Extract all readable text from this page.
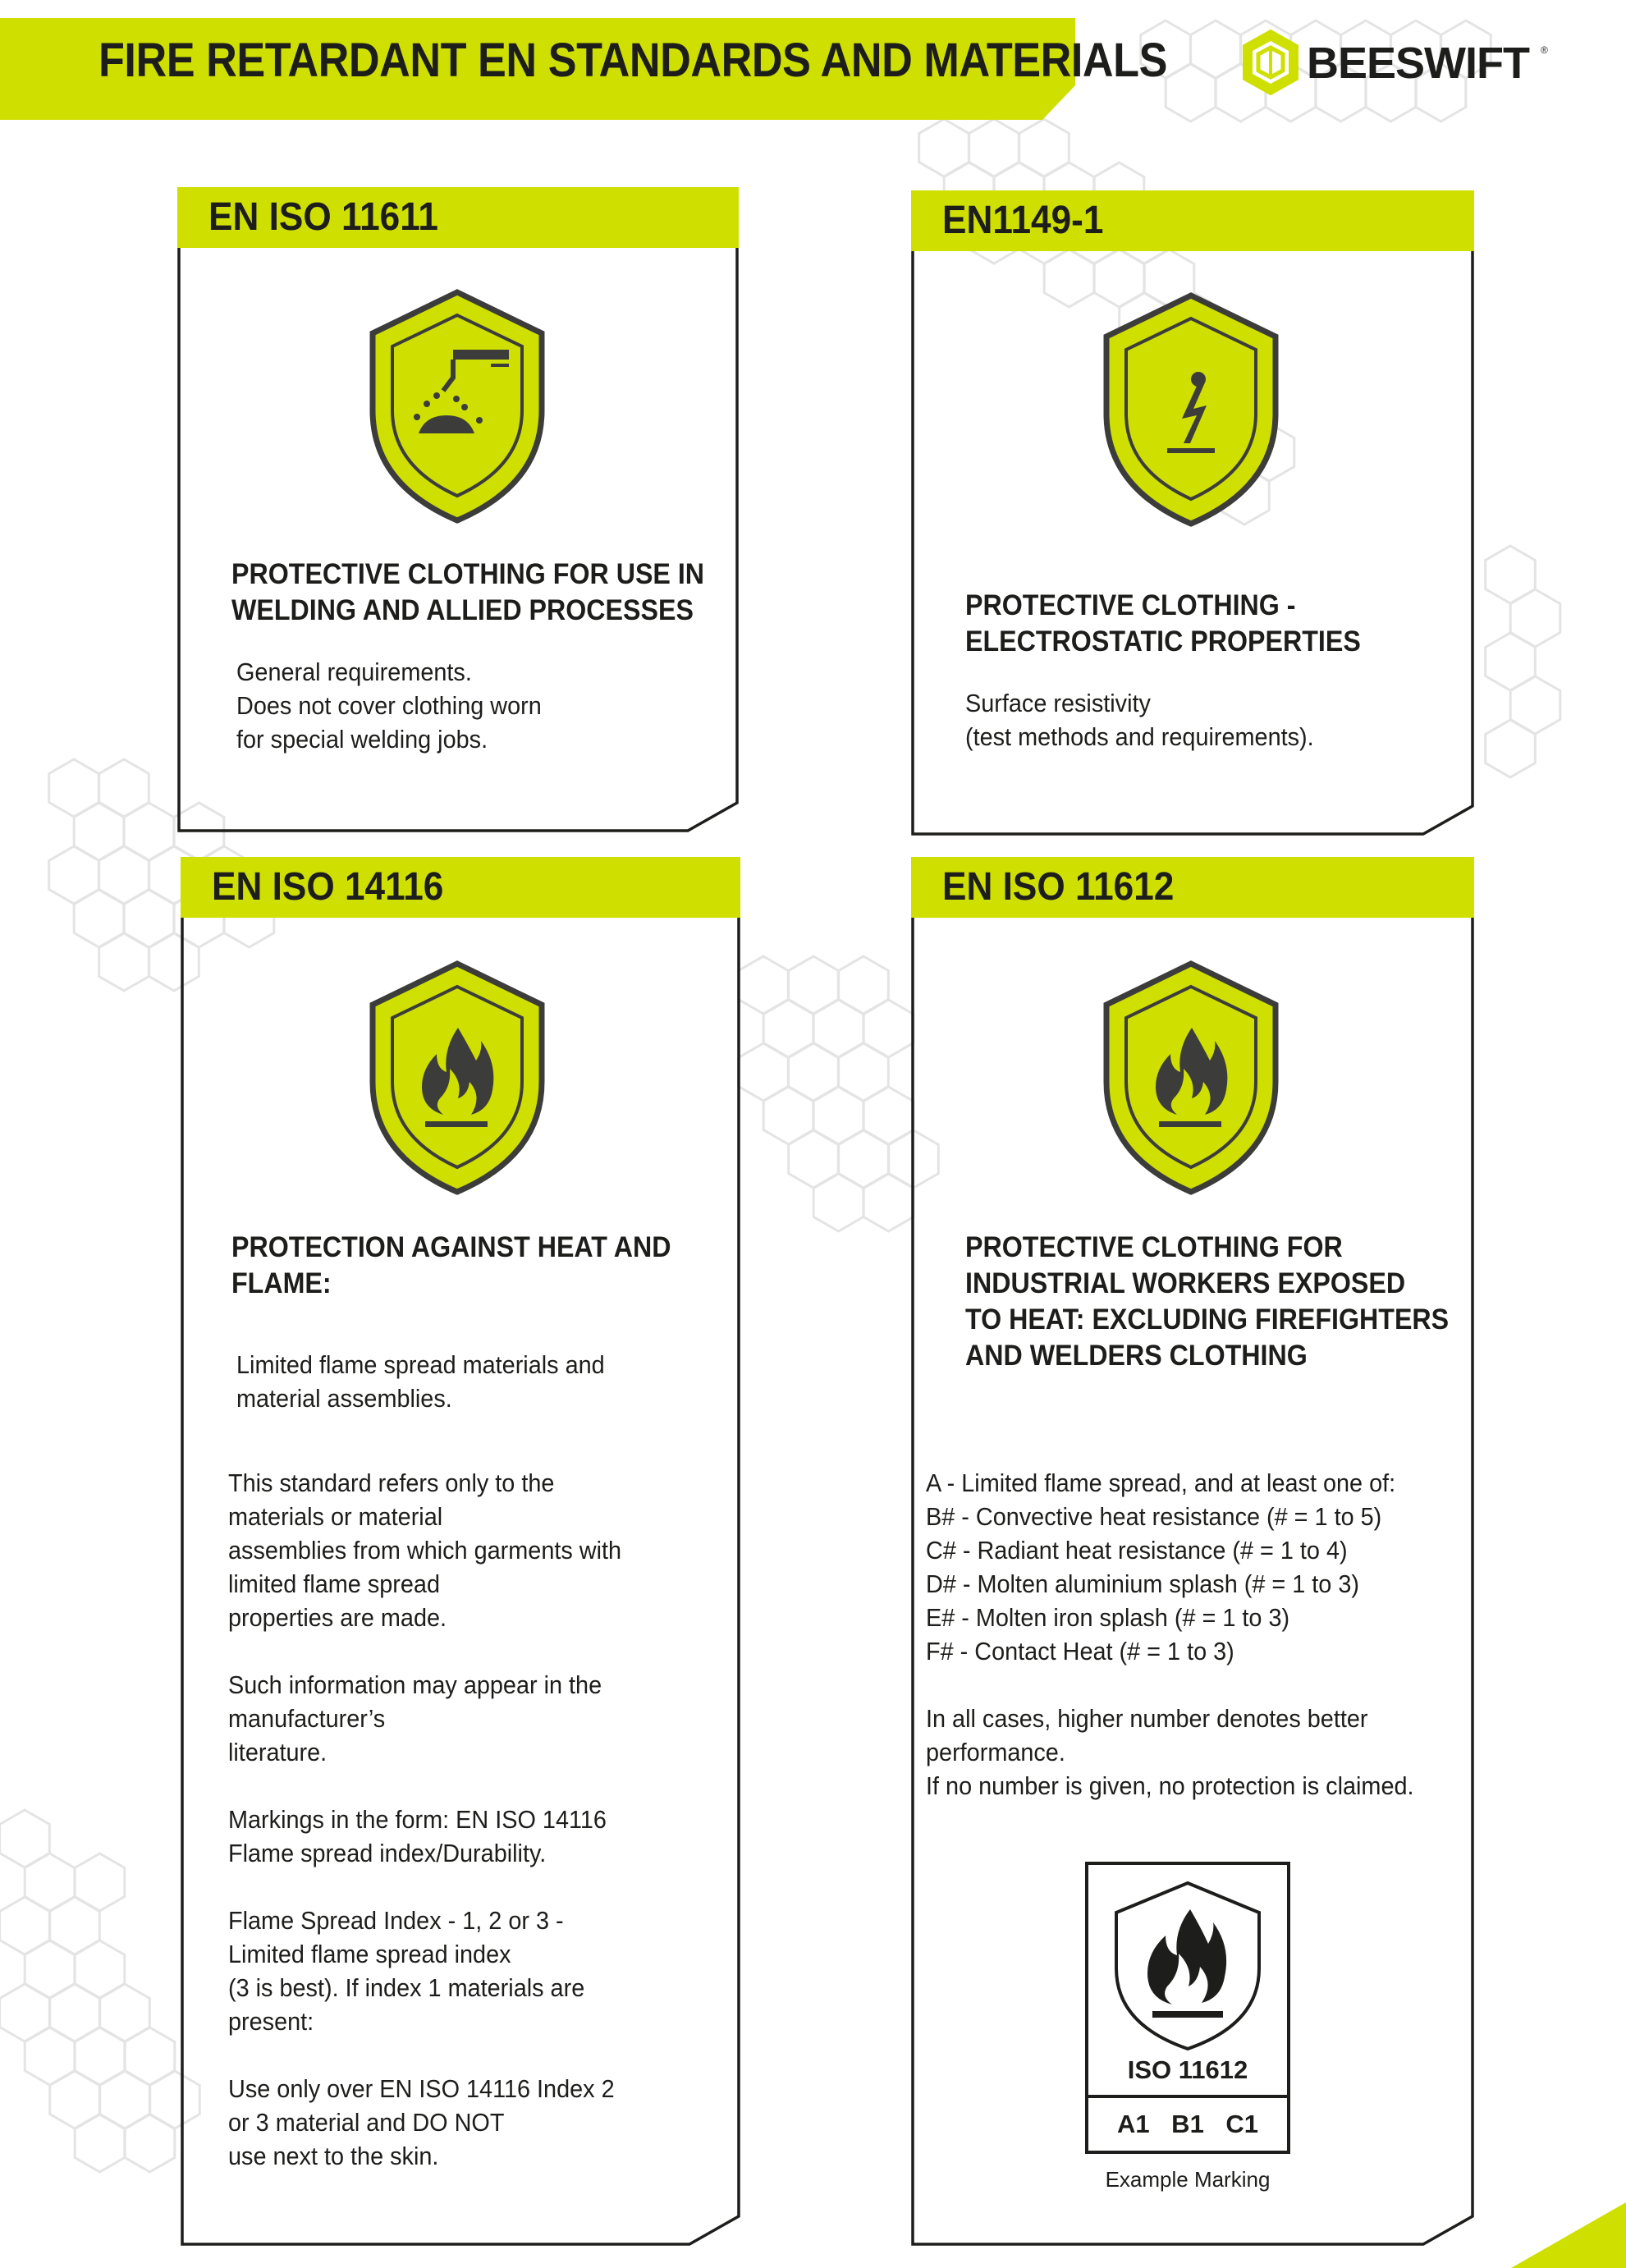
FIRE RETARDANT EN STANDARDS AND MATERIALS	BEESWIFT ®
EN ISO 11611
PROTECTIVE CLOTHING FOR USE IN
WELDING AND ALLIED PROCESSES
General requirements.
Does not cover clothing worn
for special welding jobs.
EN1149-1
PROTECTIVE CLOTHING -
ELECTROSTATIC PROPERTIES
Surface resistivity
(test methods and requirements).
EN ISO 14116
PROTECTION AGAINST HEAT AND
FLAME:
Limited flame spread materials and
material assemblies.
This standard refers only to the
materials or material
assemblies from which garments with
limited flame spread
properties are made.

Such information may appear in the
manufacturer’s
literature.

Markings in the form: EN ISO 14116
Flame spread index/Durability.

Flame Spread Index - 1, 2 or 3 -
Limited flame spread index
(3 is best). If index 1 materials are
present:

Use only over EN ISO 14116 Index 2
or 3 material and DO NOT
use next to the skin.
EN ISO 11612
PROTECTIVE CLOTHING FOR
INDUSTRIAL WORKERS EXPOSED
TO HEAT: EXCLUDING FIREFIGHTERS
AND WELDERS CLOTHING
A - Limited flame spread, and at least one of:
B# - Convective heat resistance (# = 1 to 5)
C# - Radiant heat resistance (# = 1 to 4)
D# - Molten aluminium splash (# = 1 to 3)
E# - Molten iron splash (# = 1 to 3)
F# - Contact Heat (# = 1 to 3)

In all cases, higher number denotes better
performance.
If no number is given, no protection is claimed.
ISO 11612
A1 B1 C1
Example Marking
